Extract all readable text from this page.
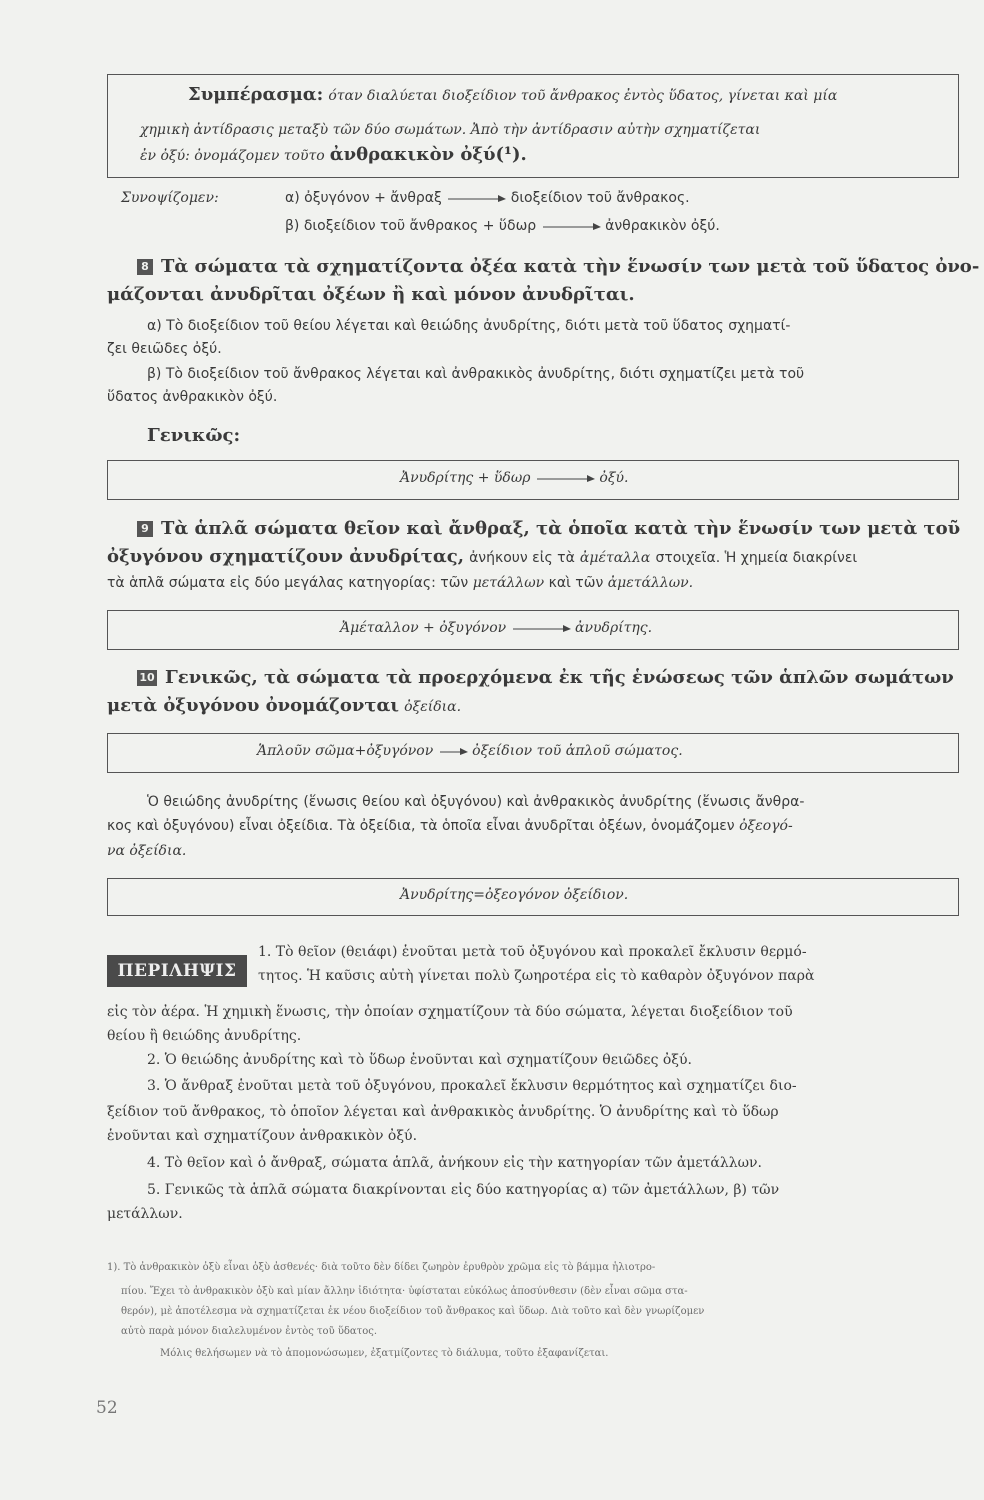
Συμπέρασμα: όταν διαλύεται διοξείδιον τοῦ ἄνθρακος ἐντὸς ὕδατος, γίνεται καὶ μία
χημικὴ ἀντίδρασις μεταξὺ τῶν δύο σωμάτων. Ἀπὸ τὴν ἀντίδρασιν αὐτὴν σχηματίζεται
ἐν ὀξύ: ὀνομάζομεν τοῦτο ἀνθρακικὸν ὀξύ(¹).
Συνοψίζομεν:	α) ὀξυγόνον + ἄνθραξ	διοξείδιον τοῦ ἄνθρακος.
β) διοξείδιον τοῦ ἄνθρακος + ὕδωρ	ἀνθρακικὸν ὀξύ.
8 Τὰ σώματα τὰ σχηματίζοντα ὀξέα κατὰ τὴν ἕνωσίν των μετὰ τοῦ ὕδατος ὀνο-
μάζονται ἀνυδρῖται ὀξέων ἢ καὶ μόνον ἀνυδρῖται.
α) Τὸ διοξείδιον τοῦ θείου λέγεται καὶ θειώδης ἀνυδρίτης, διότι μετὰ τοῦ ὕδατος σχηματί-
ζει θειῶδες ὀξύ.
β) Τὸ διοξείδιον τοῦ ἄνθρακος λέγεται καὶ ἀνθρακικὸς ἀνυδρίτης, διότι σχηματίζει μετὰ τοῦ
ὕδατος ἀνθρακικὸν ὀξύ.
Γενικῶς:
Ἀνυδρίτης + ὕδωρ	ὀξύ.
9 Τὰ ἁπλᾶ σώματα θεῖον καὶ ἄνθραξ, τὰ ὁποῖα κατὰ τὴν ἕνωσίν των μετὰ τοῦ
ὀξυγόνου σχηματίζουν ἀνυδρίτας, ἀνήκουν εἰς τὰ ἀμέταλλα στοιχεῖα. Ἡ χημεία διακρίνει
τὰ ἁπλᾶ σώματα εἰς δύο μεγάλας κατηγορίας: τῶν μετάλλων καὶ τῶν ἀμετάλλων.
Ἀμέταλλον + ὀξυγόνον	ἀνυδρίτης.
10 Γενικῶς, τὰ σώματα τὰ προερχόμενα ἐκ τῆς ἑνώσεως τῶν ἁπλῶν σωμάτων
μετὰ ὀξυγόνου ὀνομάζονται ὀξείδια.
Ἁπλοῦν σῶμα+ὀξυγόνον	ὀξείδιον τοῦ ἁπλοῦ σώματος.
Ὁ θειώδης ἀνυδρίτης (ἕνωσις θείου καὶ ὀξυγόνου) καὶ ἀνθρακικὸς ἀνυδρίτης (ἕνωσις ἄνθρα-
κος καὶ ὀξυγόνου) εἶναι ὀξείδια. Τὰ ὀξείδια, τὰ ὁποῖα εἶναι ἀνυδρῖται ὀξέων, ὀνομάζομεν ὀξεογό-
να ὀξείδια.
Ἀνυδρίτης=ὀξεογόνον ὀξείδιον.
ΠΕΡΙΛΗΨΙΣ
1. Τὸ θεῖον (θειάφι) ἑνοῦται μετὰ τοῦ ὀξυγόνου καὶ προκαλεῖ ἔκλυσιν θερμό-
τητος. Ἡ καῦσις αὐτὴ γίνεται πολὺ ζωηροτέρα εἰς τὸ καθαρὸν ὀξυγόνον παρὰ
εἰς τὸν ἀέρα. Ἡ χημικὴ ἕνωσις, τὴν ὁποίαν σχηματίζουν τὰ δύο σώματα, λέγεται διοξείδιον τοῦ
θείου ἢ θειώδης ἀνυδρίτης.
2. Ὁ θειώδης ἀνυδρίτης καὶ τὸ ὕδωρ ἑνοῦνται καὶ σχηματίζουν θειῶδες ὀξύ.
3. Ὁ ἄνθραξ ἑνοῦται μετὰ τοῦ ὀξυγόνου, προκαλεῖ ἔκλυσιν θερμότητος καὶ σχηματίζει διο-
ξείδιον τοῦ ἄνθρακος, τὸ ὁποῖον λέγεται καὶ ἀνθρακικὸς ἀνυδρίτης. Ὁ ἀνυδρίτης καὶ τὸ ὕδωρ
ἑνοῦνται καὶ σχηματίζουν ἀνθρακικὸν ὀξύ.
4. Τὸ θεῖον καὶ ὁ ἄνθραξ, σώματα ἁπλᾶ, ἀνήκουν εἰς τὴν κατηγορίαν τῶν ἀμετάλλων.
5. Γενικῶς τὰ ἁπλᾶ σώματα διακρίνονται εἰς δύο κατηγορίας α) τῶν ἀμετάλλων, β) τῶν
μετάλλων.
1). Τὸ ἀνθρακικὸν ὀξὺ εἶναι ὀξὺ ἀσθενές· διὰ τοῦτο δὲν δίδει ζωηρὸν ἐρυθρὸν χρῶμα εἰς τὸ βάμμα ἡλιοτρο-
πίου. Ἔχει τὸ ἀνθρακικὸν ὀξὺ καὶ μίαν ἄλλην ἰδιότητα· ὑφίσταται εὐκόλως ἀποσύνθεσιν (δὲν εἶναι σῶμα στα-
θερόν), μὲ ἀποτέλεσμα νὰ σχηματίζεται ἐκ νέου διοξείδιον τοῦ ἄνθρακος καὶ ὕδωρ. Διὰ τοῦτο καὶ δὲν γνωρίζομεν
αὐτὸ παρὰ μόνον διαλελυμένον ἐντὸς τοῦ ὕδατος.
Μόλις θελήσωμεν νὰ τὸ ἀπομονώσωμεν, ἐξατμίζοντες τὸ διάλυμα, τοῦτο ἐξαφανίζεται.
52
